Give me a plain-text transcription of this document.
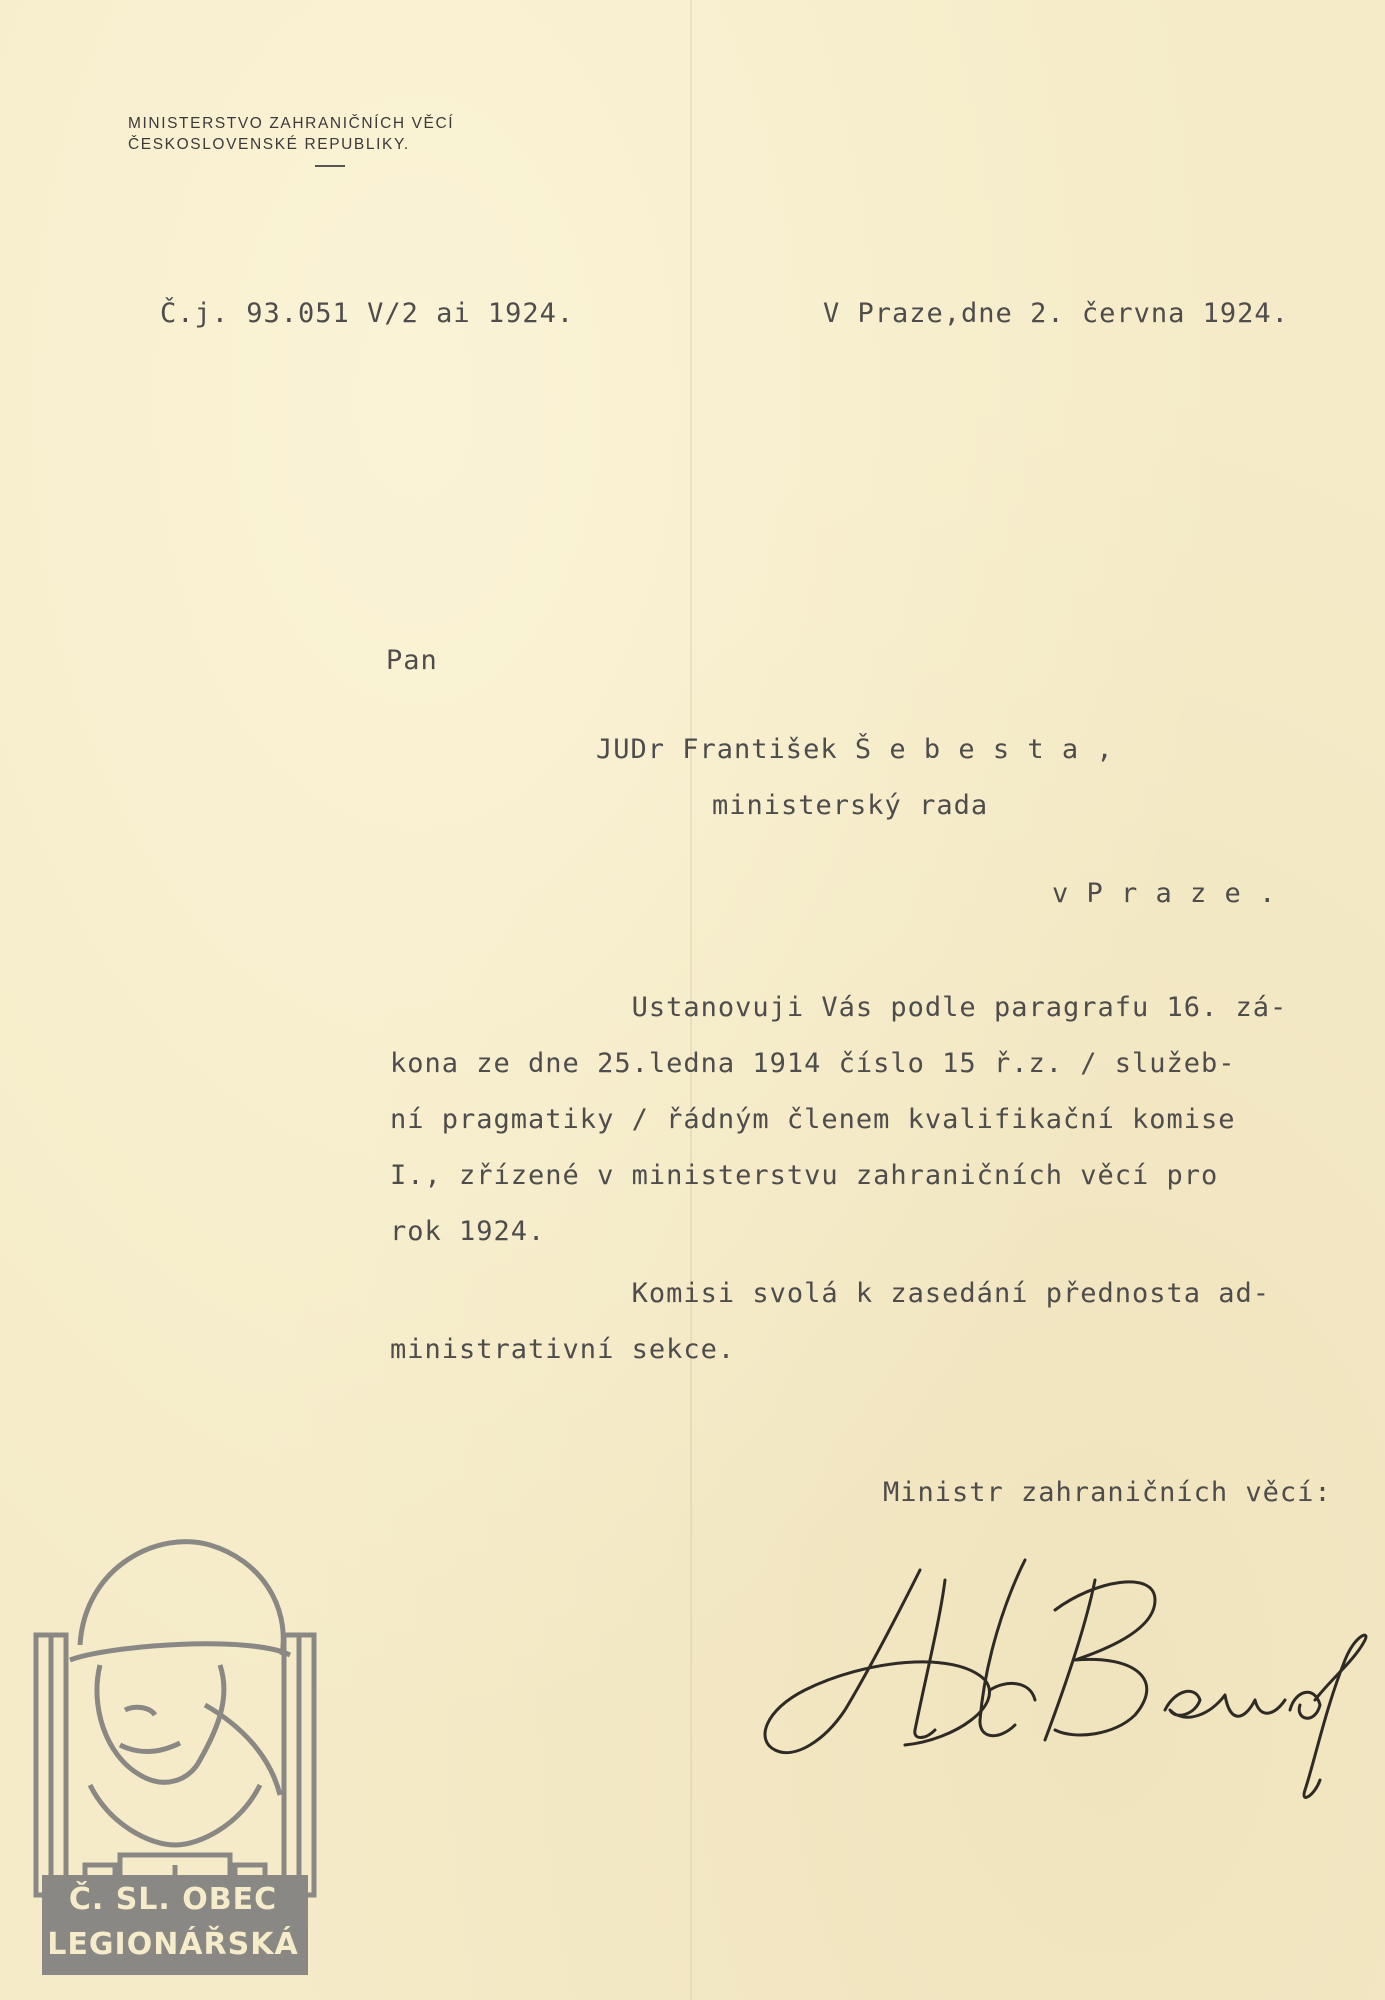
MINISTERSTVO ZAHRANIČNÍCH VĚCÍ
ČESKOSLOVENSKÉ REPUBLIKY.
Č.j. 93.051 V/2 ai 1924.	V Praze,dne 2. června 1924.
Pan
JUDr František Š e b e s t a ,
ministerský rada
v P r a z e .
Ustanovuji Vás podle paragrafu 16. zá-
kona ze dne 25.ledna 1914 číslo 15 ř.z. / služeb-
ní pragmatiky / řádným členem kvalifikační komise
I., zřízené v ministerstvu zahraničních věcí pro
rok 1924.
Komisi svolá k zasedání přednosta ad-
ministrativní sekce.
Ministr zahraničních věcí:
Č. SL. OBEC
LEGIONÁŘSKÁ
